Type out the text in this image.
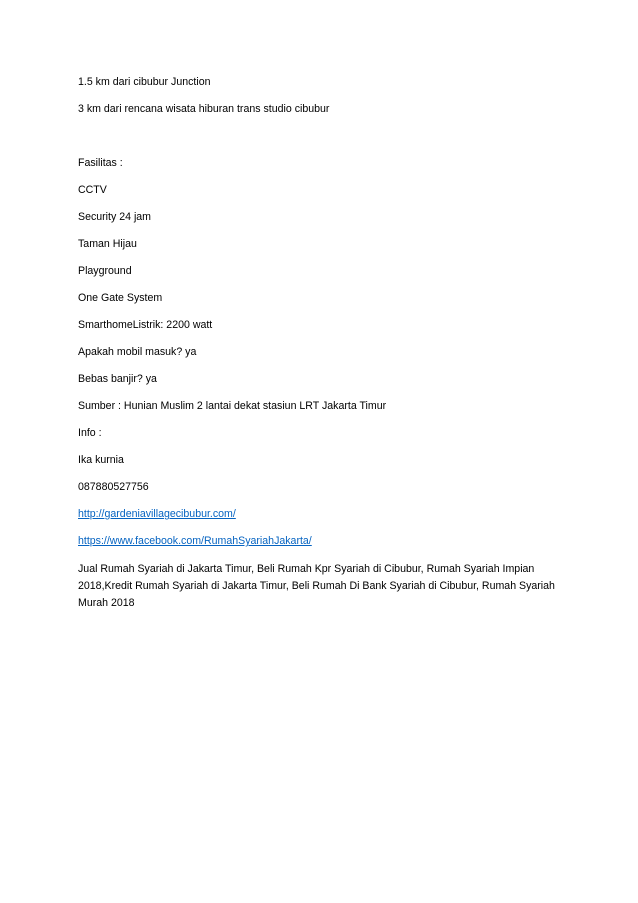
1.5 km dari cibubur Junction

3 km dari rencana wisata hiburan trans studio cibubur

Fasilitas :

CCTV

Security 24 jam

Taman Hijau

Playground

One Gate System

SmarthomeListrik: 2200 watt

Apakah mobil masuk? ya

Bebas banjir? ya

Sumber : Hunian Muslim 2 lantai dekat stasiun LRT Jakarta Timur

Info :

Ika kurnia

087880527756

http://gardeniavillagecibubur.com/

https://www.facebook.com/RumahSyariahJakarta/

Jual Rumah Syariah di Jakarta Timur, Beli Rumah Kpr Syariah di Cibubur, Rumah Syariah Impian 2018,Kredit Rumah Syariah di Jakarta Timur, Beli Rumah Di Bank Syariah di Cibubur, Rumah Syariah Murah 2018
